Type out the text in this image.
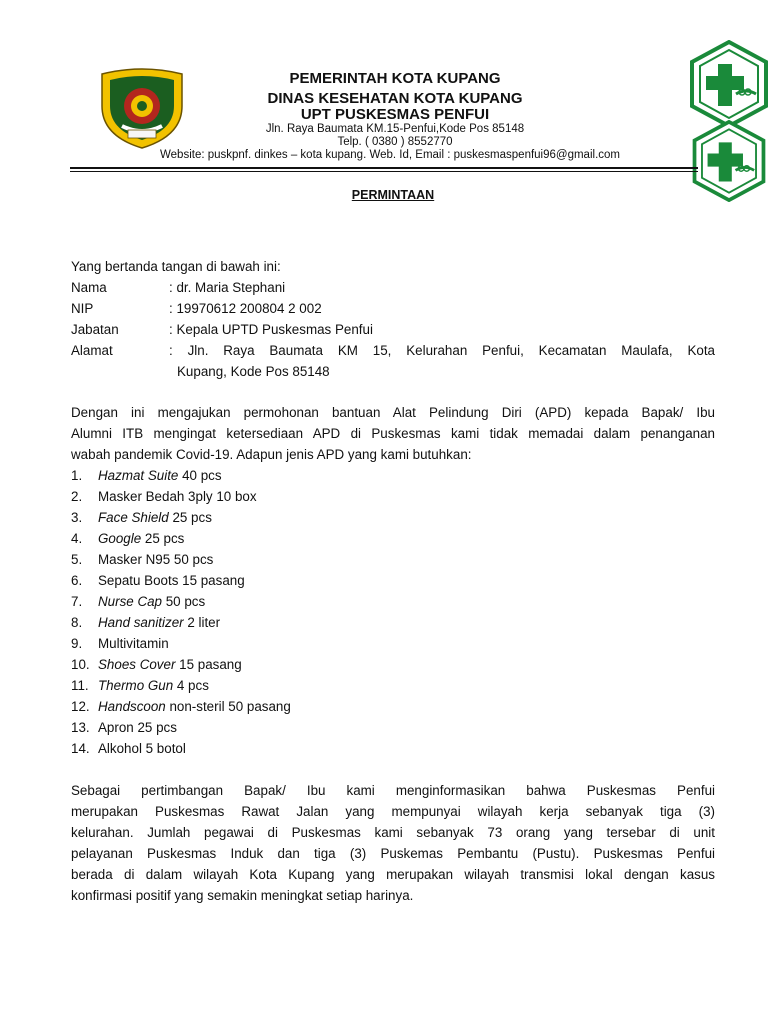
PEMERINTAH KOTA KUPANG
DINAS KESEHATAN KOTA KUPANG
UPT PUSKESMAS PENFUI
Jln. Raya Baumata KM.15-Penfui,Kode Pos 85148
Telp. ( 0380 ) 8552770
Website: puskpnf. dinkes – kota kupang. Web. Id, Email : puskesmaspenfui96@gmail.com
PERMINTAAN
Yang bertanda tangan di bawah ini:
Nama	: dr. Maria Stephani
NIP	: 19970612 200804 2 002
Jabatan	: Kepala UPTD Puskesmas Penfui
Alamat	:  Jln.  Raya  Baumata  KM  15,  Kelurahan  Penfui,  Kecamatan  Maulafa,  Kota
Kupang, Kode Pos 85148
Dengan ini mengajukan permohonan bantuan Alat Pelindung Diri (APD) kepada Bapak/ Ibu
Alumni ITB mengingat ketersediaan APD di Puskesmas kami tidak memadai dalam penanganan
wabah pandemik Covid-19. Adapun jenis APD yang kami butuhkan:
1.	Hazmat Suite 40 pcs
2.	Masker Bedah 3ply 10 box
3.	Face Shield 25 pcs
4.	Google 25 pcs
5.	Masker N95 50 pcs
6.	Sepatu Boots 15 pasang
7.	Nurse Cap 50 pcs
8.	Hand sanitizer 2 liter
9.	Multivitamin
10. Shoes Cover 15 pasang
11. Thermo Gun 4 pcs
12. Handscoon non-steril 50 pasang
13. Apron 25 pcs
14. Alkohol 5 botol
Sebagai pertimbangan Bapak/ Ibu kami menginformasikan bahwa Puskesmas Penfui
merupakan Puskesmas Rawat Jalan yang mempunyai wilayah kerja sebanyak tiga (3)
kelurahan. Jumlah pegawai di Puskesmas kami sebanyak 73 orang yang tersebar di unit
pelayanan Puskesmas Induk dan tiga (3) Puskemas Pembantu (Pustu). Puskesmas Penfui
berada di dalam wilayah Kota Kupang yang merupakan wilayah transmisi lokal dengan kasus
konfirmasi positif yang semakin meningkat setiap harinya.
